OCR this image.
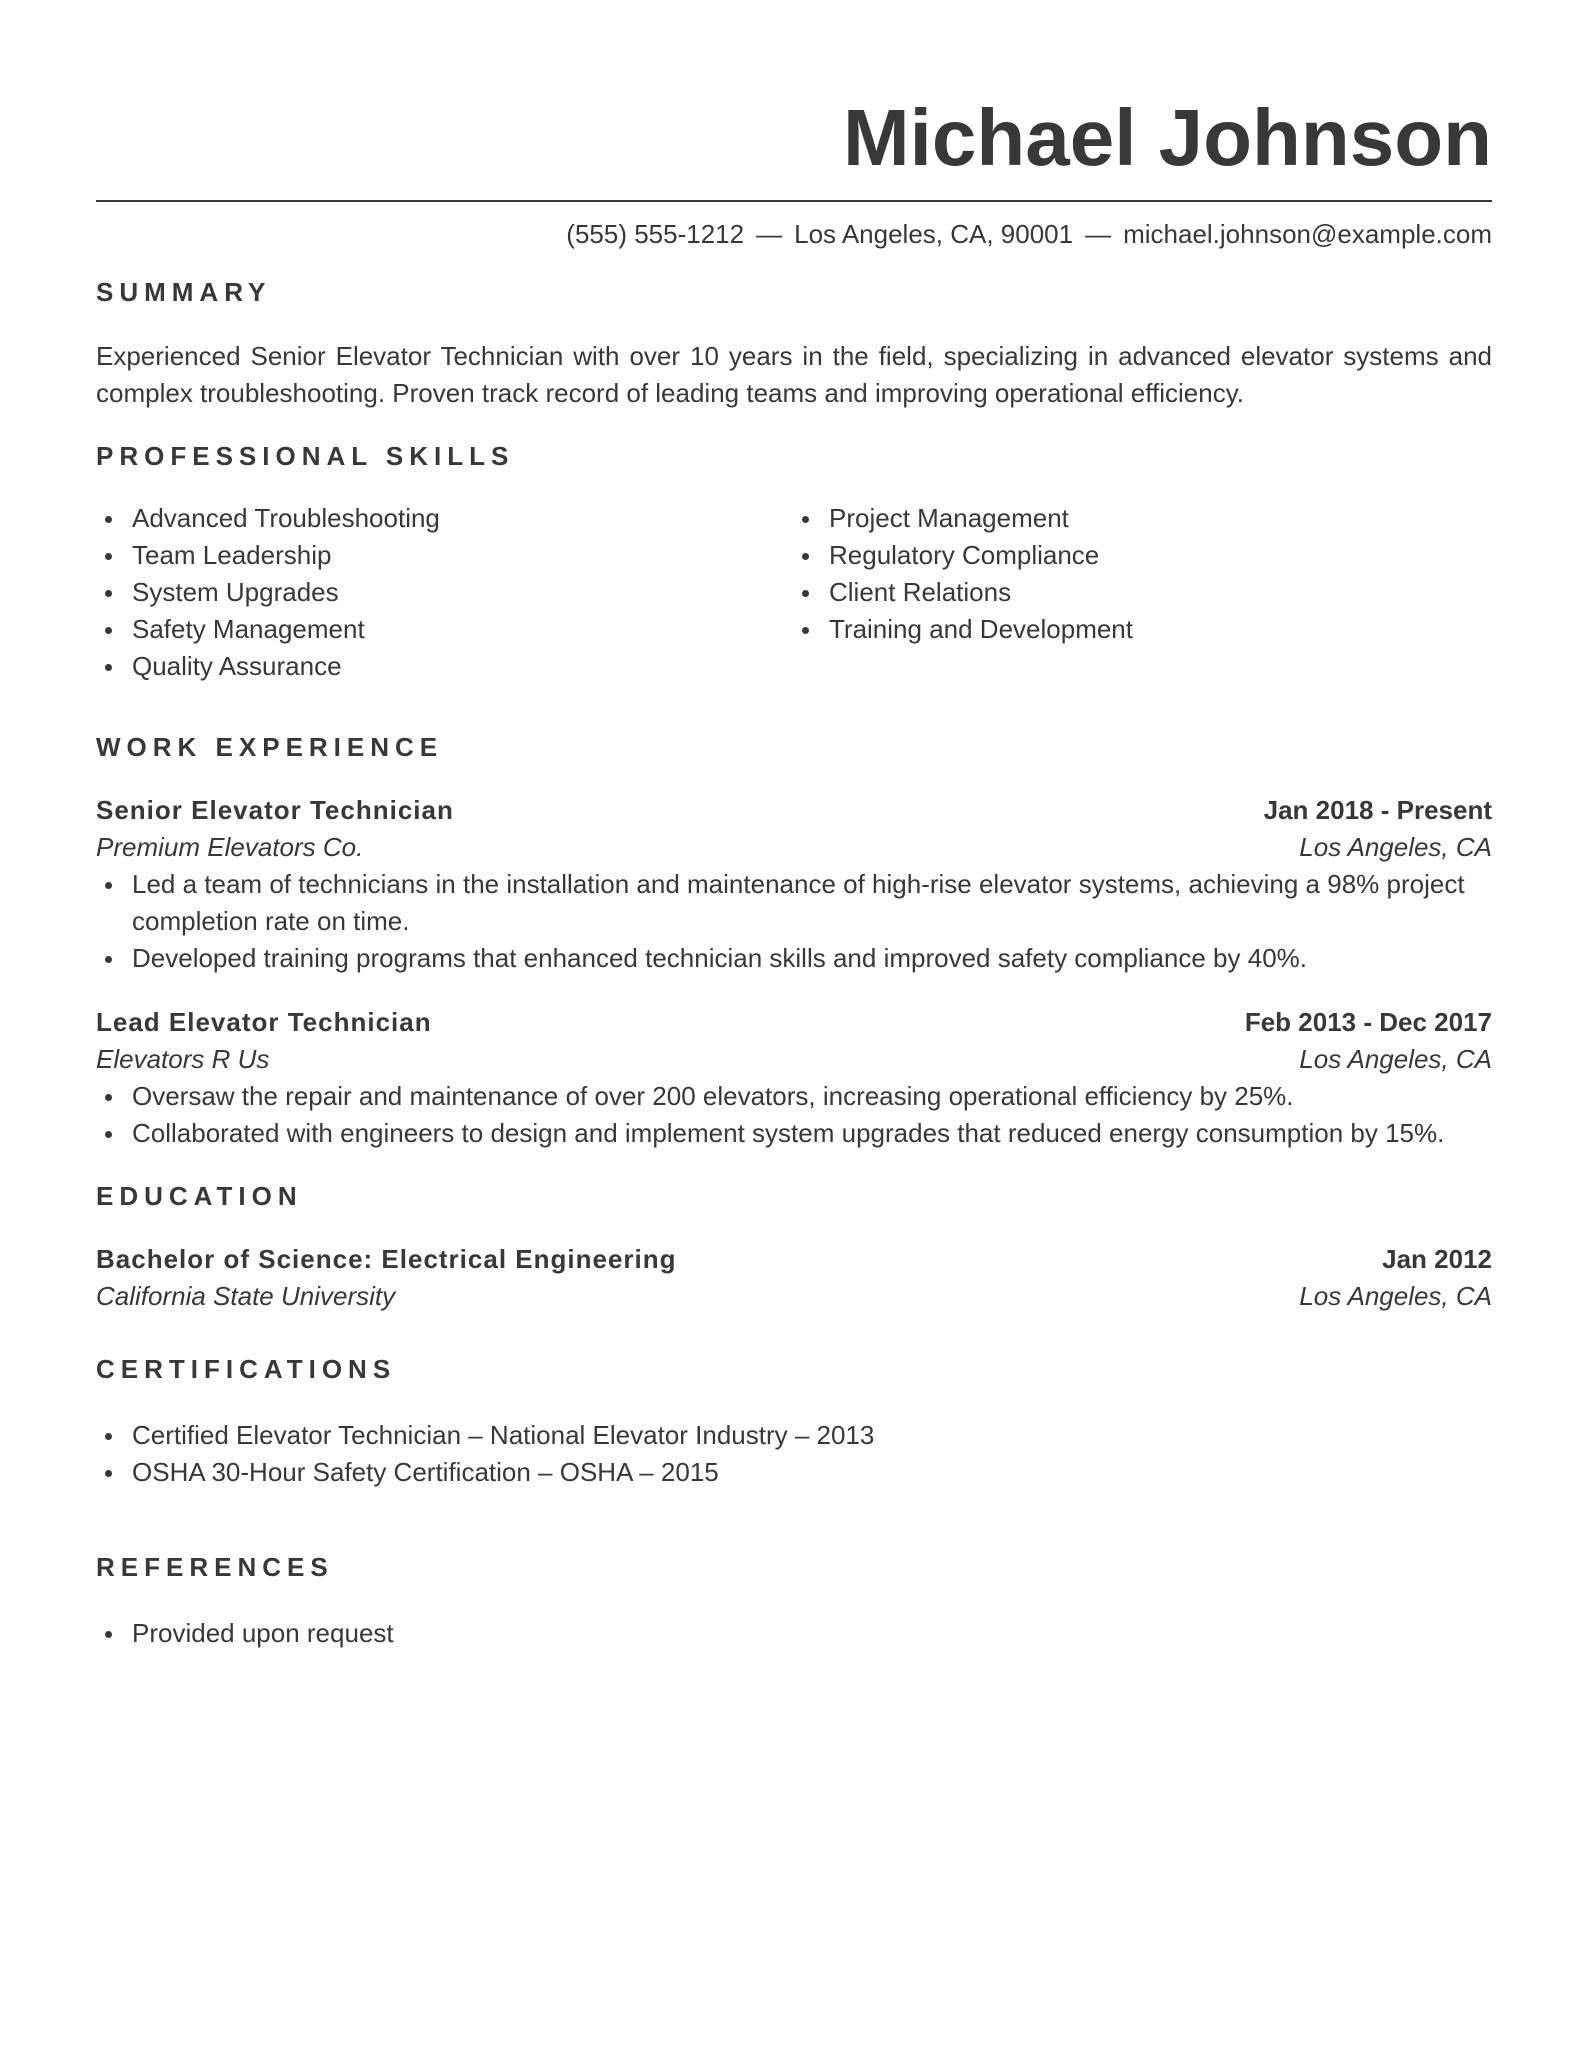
Michael Johnson
(555) 555-1212 — Los Angeles, CA, 90001 — michael.johnson@example.com
SUMMARY

Experienced Senior Elevator Technician with over 10 years in the field, specializing in advanced elevator systems and complex troubleshooting. Proven track record of leading teams and improving operational efficiency.

PROFESSIONAL SKILLS
Advanced Troubleshooting
Team Leadership
System Upgrades
Safety Management
Quality Assurance
Project Management
Regulatory Compliance
Client Relations
Training and Development
WORK EXPERIENCE
Senior Elevator Technician	Jan 2018 - Present
Premium Elevators Co.	Los Angeles, CA
Led a team of technicians in the installation and maintenance of high-rise elevator systems, achieving a 98% project completion rate on time.
Developed training programs that enhanced technician skills and improved safety compliance by 40%.
Lead Elevator Technician	Feb 2013 - Dec 2017
Elevators R Us	Los Angeles, CA
Oversaw the repair and maintenance of over 200 elevators, increasing operational efficiency by 25%.
Collaborated with engineers to design and implement system upgrades that reduced energy consumption by 15%.
EDUCATION
Bachelor of Science: Electrical Engineering	Jan 2012
California State University	Los Angeles, CA
CERTIFICATIONS
Certified Elevator Technician – National Elevator Industry – 2013
OSHA 30-Hour Safety Certification – OSHA – 2015
REFERENCES
Provided upon request
